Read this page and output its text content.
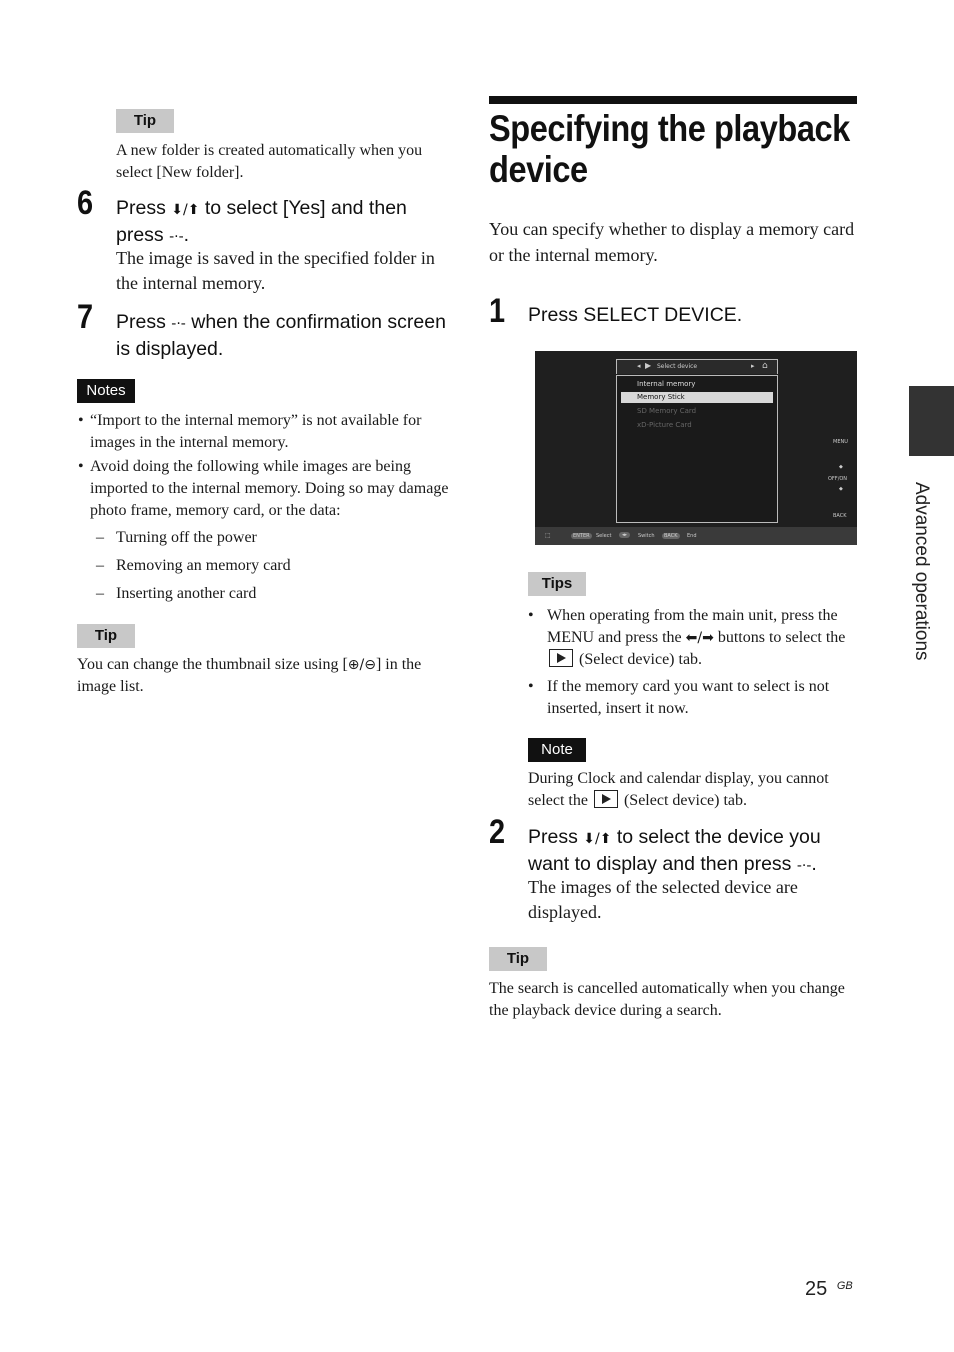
Tip
A new folder is created automatically when you select [New folder].
6 Press ⬇/⬆ to select [Yes] and then press -⋅-.
The image is saved in the specified folder in the internal memory.
7 Press -⋅- when the confirmation screen is displayed.
Notes
• “Import to the internal memory” is not available for images in the internal memory.
• Avoid doing the following while images are being imported to the internal memory. Doing so may damage photo frame, memory card, or the data:
– Turning off the power
– Removing an memory card
– Inserting another card
Tip
You can change the thumbnail size using [⊕/⊖] in the image list.
Specifying the playback
device
You can specify whether to display a memory card or the internal memory.
1 Press SELECT DEVICE.
◂ ▶ Select device	▸ ⌂
Internal memory
Memory Stick
SD Memory Card
xD-Picture Card
MENU
◆
OFF/ON
◆
BACK
⬚	ENTER	Select	◂▸	Switch	BACK	End
Tips
• When operating from the main unit, press the MENU and press the ⬅/➡ buttons to select the  (Select device) tab.
• If the memory card you want to select is not inserted, insert it now.
Note
During Clock and calendar display, you cannot select the  (Select device) tab.
2 Press ⬇/⬆ to select the device you want to display and then press -⋅-.
The images of the selected device are displayed.
Tip
The search is cancelled automatically when you change the playback device during a search.
Advanced operations
25 $^{GB}$
